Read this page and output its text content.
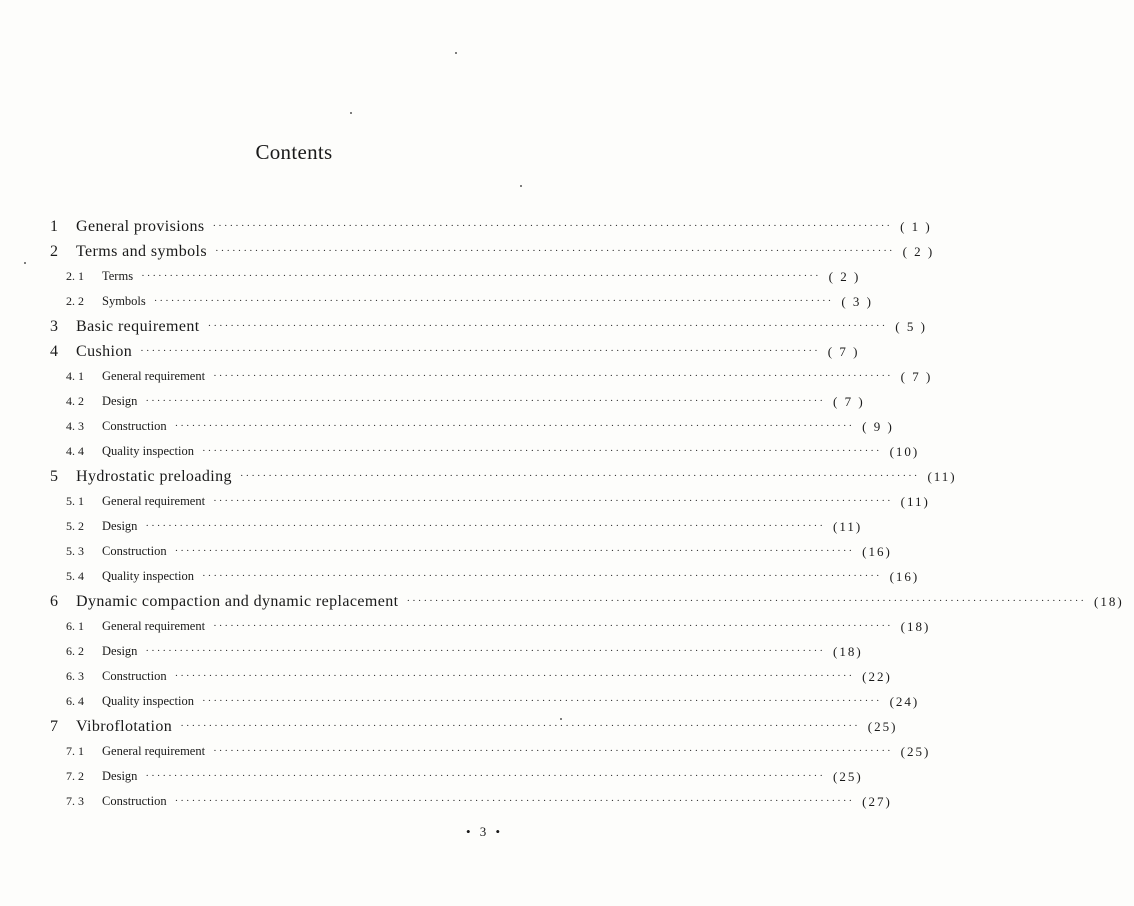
Contents
1	General provisions ························································································································ ( 1 )
2	Terms and symbols ························································································································ ( 2 )
2. 1	Terms ························································································································ ( 2 )
2. 2	Symbols ························································································································ ( 3 )
3	Basic requirement ························································································································ ( 5 )
4	Cushion ························································································································ ( 7 )
4. 1	General requirement ························································································································ ( 7 )
4. 2	Design ························································································································ ( 7 )
4. 3	Construction ························································································································ ( 9 )
4. 4	Quality inspection ························································································································ (10)
5	Hydrostatic preloading ························································································································ (11)
5. 1	General requirement ························································································································ (11)
5. 2	Design ························································································································ (11)
5. 3	Construction ························································································································ (16)
5. 4	Quality inspection ························································································································ (16)
6	Dynamic compaction and dynamic replacement ························································································································ (18)
6. 1	General requirement ························································································································ (18)
6. 2	Design ························································································································ (18)
6. 3	Construction ························································································································ (22)
6. 4	Quality inspection ························································································································ (24)
7	Vibroflotation ························································································································ (25)
7. 1	General requirement ························································································································ (25)
7. 2	Design ························································································································ (25)
7. 3	Construction ························································································································ (27)
• 3 •
